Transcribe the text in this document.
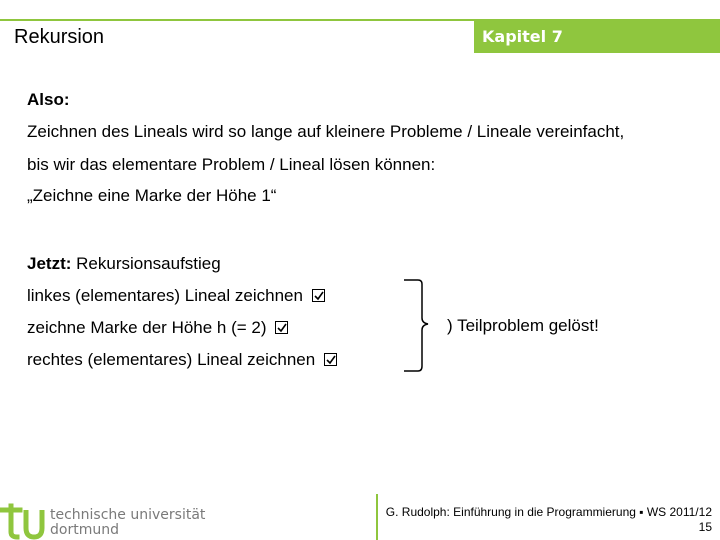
Rekursion	Kapitel 7
Also:
Zeichnen des Lineals wird so lange auf kleinere Probleme / Lineale vereinfacht,
bis wir das elementare Problem / Lineal lösen können:
„Zeichne eine Marke der Höhe 1“
Jetzt: Rekursionsaufstieg
linkes (elementares) Lineal zeichnen
zeichne Marke der Höhe h (= 2)
rechtes (elementares) Lineal zeichnen
) Teilproblem gelöst!
technische universität
dortmund
G. Rudolph: Einführung in die Programmierung ▪ WS 2011/12
15
